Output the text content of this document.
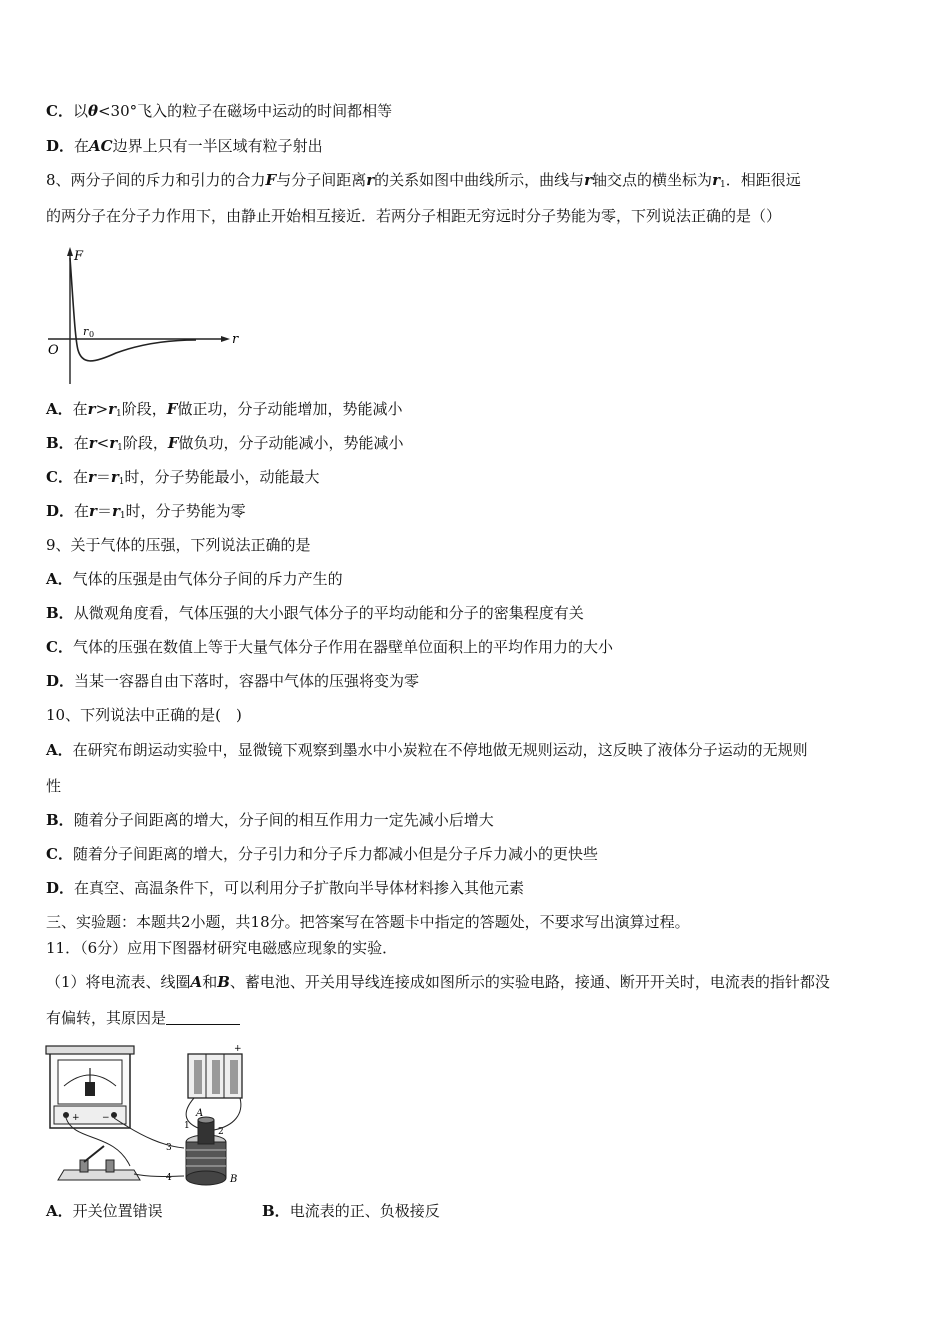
C．以θ<30°飞入的粒子在磁场中运动的时间都相等
D．在AC边界上只有一半区域有粒子射出
8、两分子间的斥力和引力的合力F与分子间距离r的关系如图中曲线所示，曲线与r轴交点的横坐标为$r_1$．相距很远
的两分子在分子力作用下，由静止开始相互接近．若两分子相距无穷远时分子势能为零，下列说法正确的是（）
F
r
O
r 0
A．在$r>r_1$阶段，F做正功，分子动能增加，势能减小
B．在$r<r_1$阶段，F做负功，分子动能减小，势能减小
C．在$r=r_1$时，分子势能最小，动能最大
D．在$r=r_1$时，分子势能为零
9、关于气体的压强，下列说法正确的是
A．气体的压强是由气体分子间的斥力产生的
B．从微观角度看，气体压强的大小跟气体分子的平均动能和分子的密集程度有关
C．气体的压强在数值上等于大量气体分子作用在器壁单位面积上的平均作用力的大小
D．当某一容器自由下落时，容器中气体的压强将变为零
10、下列说法中正确的是(　)
A．在研究布朗运动实验中，显微镜下观察到墨水中小炭粒在不停地做无规则运动，这反映了液体分子运动的无规则
性
B．随着分子间距离的增大，分子间的相互作用力一定先减小后增大
C．随着分子间距离的增大，分子引力和分子斥力都减小但是分子斥力减小的更快些
D．在真空、高温条件下，可以利用分子扩散向半导体材料掺入其他元素
三、实验题：本题共2小题，共18分。把答案写在答题卡中指定的答题处，不要求写出演算过程。
11．（6分）应用下图器材研究电磁感应现象的实验．
（1）将电流表、线圈A和B、蓄电池、开关用导线连接成如图所示的实验电路，接通、断开开关时，电流表的指针都没
有偏转，其原因是
+ −
+
A
B
1
2
3
4
A．开关位置错误	B．电流表的正、负极接反
